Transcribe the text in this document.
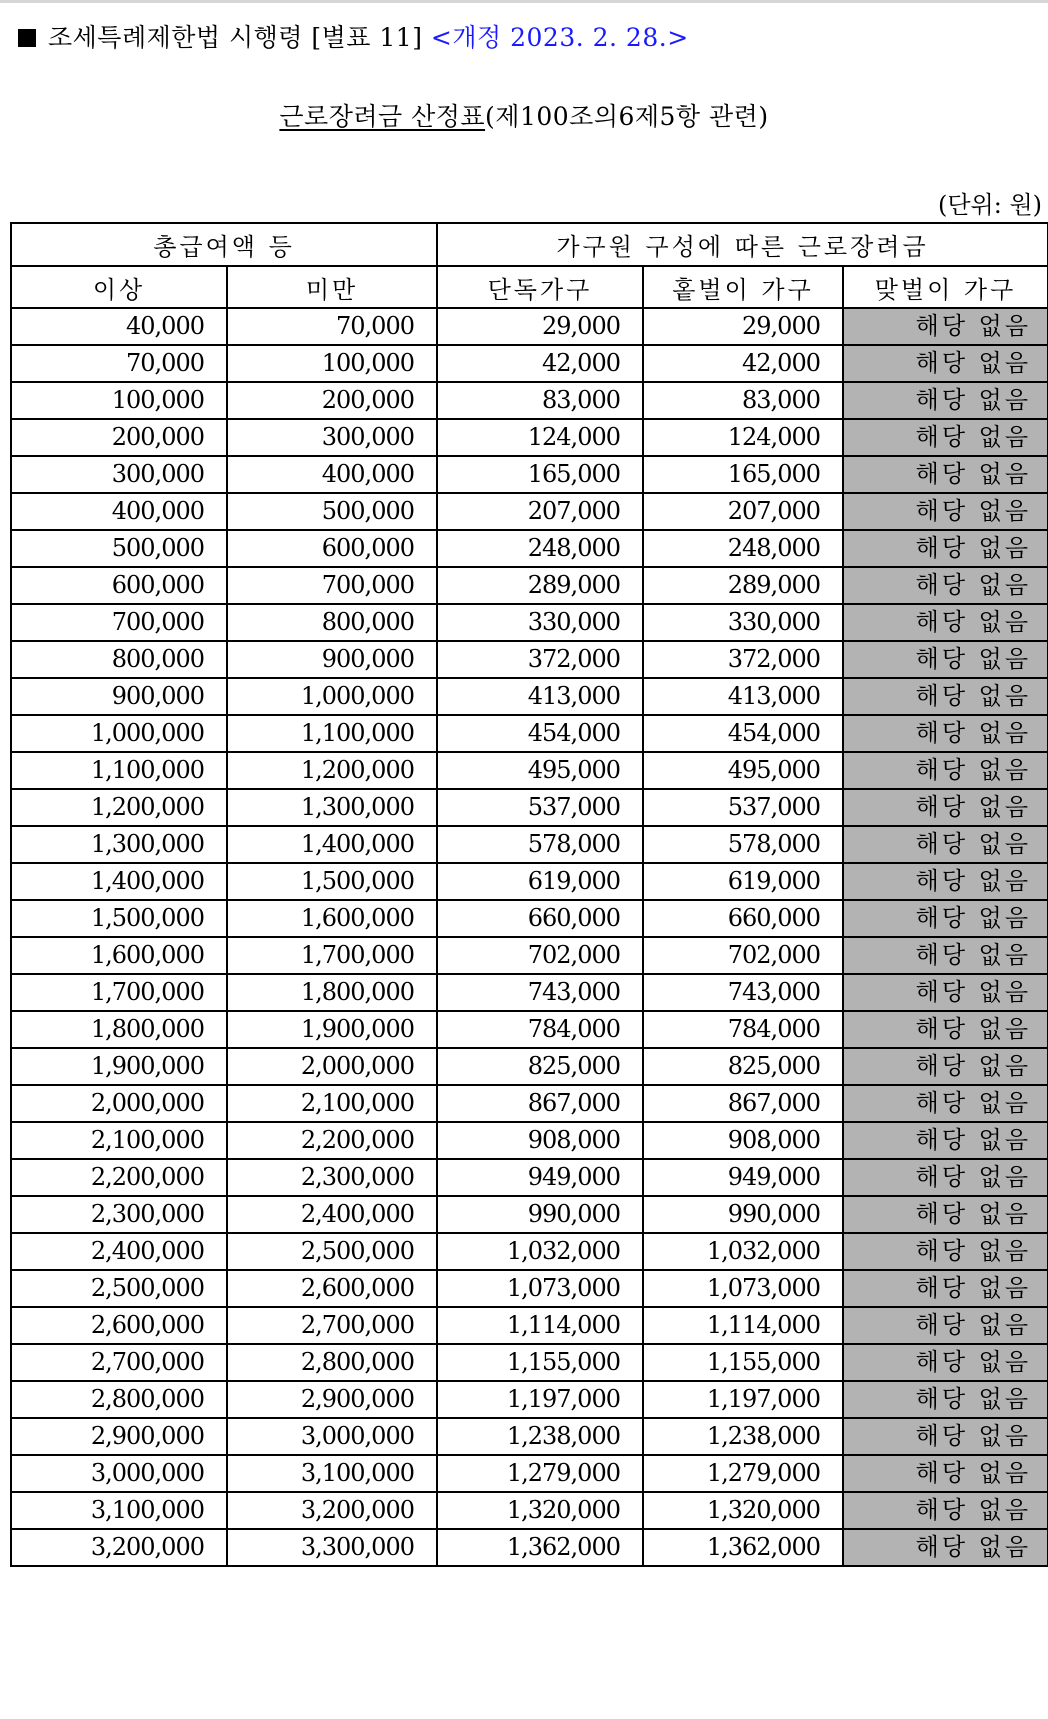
조세특례제한법 시행령 [별표 11] <개정 2023. 2. 28.>
근로장려금 산정표(제100조의6제5항 관련)
(단위: 원)
총급여액 등		가구원 구성에 따른 근로장려금		
이상	미만	단독가구	홑벌이 가구	맞벌이 가구
40,000	70,000	29,000	29,000	해당 없음
70,000	100,000	42,000	42,000	해당 없음
100,000	200,000	83,000	83,000	해당 없음
200,000	300,000	124,000	124,000	해당 없음
300,000	400,000	165,000	165,000	해당 없음
400,000	500,000	207,000	207,000	해당 없음
500,000	600,000	248,000	248,000	해당 없음
600,000	700,000	289,000	289,000	해당 없음
700,000	800,000	330,000	330,000	해당 없음
800,000	900,000	372,000	372,000	해당 없음
900,000	1,000,000	413,000	413,000	해당 없음
1,000,000	1,100,000	454,000	454,000	해당 없음
1,100,000	1,200,000	495,000	495,000	해당 없음
1,200,000	1,300,000	537,000	537,000	해당 없음
1,300,000	1,400,000	578,000	578,000	해당 없음
1,400,000	1,500,000	619,000	619,000	해당 없음
1,500,000	1,600,000	660,000	660,000	해당 없음
1,600,000	1,700,000	702,000	702,000	해당 없음
1,700,000	1,800,000	743,000	743,000	해당 없음
1,800,000	1,900,000	784,000	784,000	해당 없음
1,900,000	2,000,000	825,000	825,000	해당 없음
2,000,000	2,100,000	867,000	867,000	해당 없음
2,100,000	2,200,000	908,000	908,000	해당 없음
2,200,000	2,300,000	949,000	949,000	해당 없음
2,300,000	2,400,000	990,000	990,000	해당 없음
2,400,000	2,500,000	1,032,000	1,032,000	해당 없음
2,500,000	2,600,000	1,073,000	1,073,000	해당 없음
2,600,000	2,700,000	1,114,000	1,114,000	해당 없음
2,700,000	2,800,000	1,155,000	1,155,000	해당 없음
2,800,000	2,900,000	1,197,000	1,197,000	해당 없음
2,900,000	3,000,000	1,238,000	1,238,000	해당 없음
3,000,000	3,100,000	1,279,000	1,279,000	해당 없음
3,100,000	3,200,000	1,320,000	1,320,000	해당 없음
3,200,000	3,300,000	1,362,000	1,362,000	해당 없음
